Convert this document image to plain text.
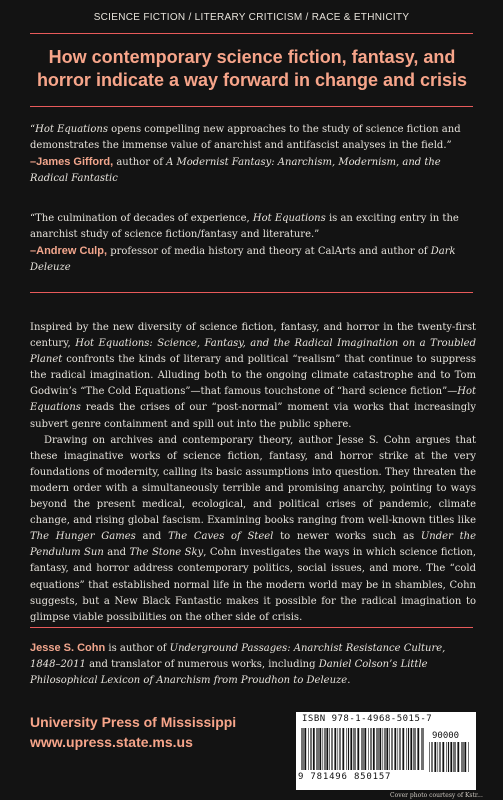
SCIENCE FICTION / LITERARY CRITICISM / RACE & ETHNICITY
How contemporary science fiction, fantasy, and
horror indicate a way forward in change and crisis

“Hot Equations opens compelling new approaches to the study of science fiction and demonstrates the immense value of anarchist and antifascist analyses in the field.”

–James Gifford, author of A Modernist Fantasy: Anarchism, Modernism, and the Radical Fantastic

“The culmination of decades of experience, Hot Equations is an exciting entry in the anarchist study of science fiction/fantasy and literature.”

–Andrew Culp, professor of media history and theory at CalArts and author of Dark Deleuze

Inspired by the new diversity of science fiction, fantasy, and horror in the twenty-first century, Hot Equations: Science, Fantasy, and the Radical Imagination on a Troubled Planet confronts the kinds of literary and political “realism” that continue to suppress the radical imagination. Alluding both to the ongoing climate catastrophe and to Tom Godwin’s “The Cold Equations”—that famous touchstone of “hard science fiction”—Hot Equations reads the crises of our “post-normal” moment via works that increasingly subvert genre containment and spill out into the public sphere.

Drawing on archives and contemporary theory, author Jesse S. Cohn argues that these imaginative works of science fiction, fantasy, and horror strike at the very foundations of modernity, calling its basic assumptions into question. They threaten the modern order with a simultaneously terrible and promising anarchy, pointing to ways beyond the present medical, ecological, and political crises of pandemic, climate change, and rising global fascism. Examining books ranging from well-known titles like The Hunger Games and The Caves of Steel to newer works such as Under the Pendulum Sun and The Stone Sky, Cohn investigates the ways in which science fiction, fantasy, and horror address contemporary politics, social issues, and more. The “cold equations” that established normal life in the modern world may be in shambles, Cohn suggests, but a New Black Fantastic makes it possible for the radical imagination to glimpse viable possibilities on the other side of crisis.

Jesse S. Cohn is author of Underground Passages: Anarchist Resistance Culture, 1848–2011 and translator of numerous works, including Daniel Colson’s Little Philosophical Lexicon of Anarchism from Proudhon to Deleuze.
University Press of Mississippi
www.upress.state.ms.us
ISBN 978-1-4968-5015-7
90000
9 781496 850157
Cover photo courtesy of Kstr...
